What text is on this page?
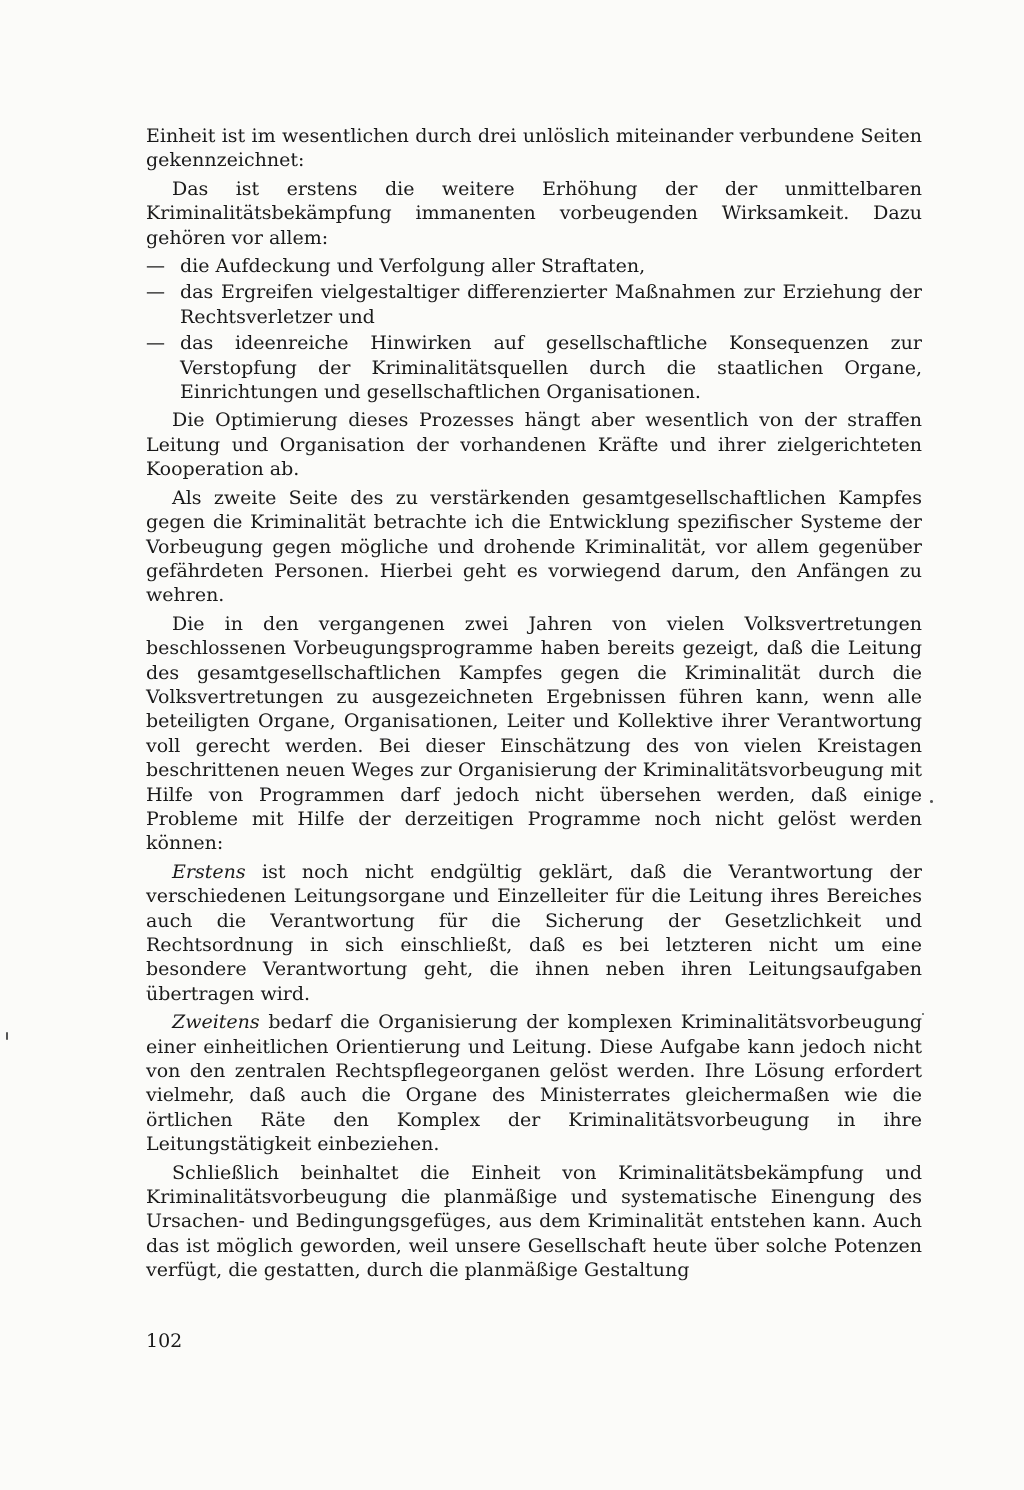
Einheit ist im wesentlichen durch drei unlöslich miteinander verbundene Seiten gekennzeichnet:

Das ist erstens die weitere Erhöhung der der unmittelbaren Kriminalitätsbekämpfung immanenten vorbeugenden Wirksamkeit. Dazu gehören vor allem:

— die Aufdeckung und Verfolgung aller Straftaten,
— das Ergreifen vielgestaltiger differenzierter Maßnahmen zur Erziehung der Rechtsverletzer und
— das ideenreiche Hinwirken auf gesellschaftliche Konsequenzen zur Verstopfung der Kriminalitätsquellen durch die staatlichen Organe, Einrichtungen und gesellschaftlichen Organisationen.

Die Optimierung dieses Prozesses hängt aber wesentlich von der straffen Leitung und Organisation der vorhandenen Kräfte und ihrer zielgerichteten Kooperation ab.

Als zweite Seite des zu verstärkenden gesamtgesellschaftlichen Kampfes gegen die Kriminalität betrachte ich die Entwicklung spezifischer Systeme der Vorbeugung gegen mögliche und drohende Kriminalität, vor allem gegenüber gefährdeten Personen. Hierbei geht es vorwiegend darum, den Anfängen zu wehren.

Die in den vergangenen zwei Jahren von vielen Volksvertretungen beschlossenen Vorbeugungsprogramme haben bereits gezeigt, daß die Leitung des gesamtgesellschaftlichen Kampfes gegen die Kriminalität durch die Volksvertretungen zu ausgezeichneten Ergebnissen führen kann, wenn alle beteiligten Organe, Organisationen, Leiter und Kollektive ihrer Verantwortung voll gerecht werden. Bei dieser Einschätzung des von vielen Kreistagen beschrittenen neuen Weges zur Organisierung der Kriminalitätsvorbeugung mit Hilfe von Programmen darf jedoch nicht übersehen werden, daß einige Probleme mit Hilfe der derzeitigen Programme noch nicht gelöst werden können:

Erstens ist noch nicht endgültig geklärt, daß die Verantwortung der verschiedenen Leitungsorgane und Einzelleiter für die Leitung ihres Bereiches auch die Verantwortung für die Sicherung der Gesetzlichkeit und Rechtsordnung in sich einschließt, daß es bei letzteren nicht um eine besondere Verantwortung geht, die ihnen neben ihren Leitungsaufgaben übertragen wird.

Zweitens bedarf die Organisierung der komplexen Kriminalitätsvorbeugung einer einheitlichen Orientierung und Leitung. Diese Aufgabe kann jedoch nicht von den zentralen Rechtspflegeorganen gelöst werden. Ihre Lösung erfordert vielmehr, daß auch die Organe des Ministerrates gleichermaßen wie die örtlichen Räte den Komplex der Kriminalitätsvorbeugung in ihre Leitungstätigkeit einbeziehen.

Schließlich beinhaltet die Einheit von Kriminalitätsbekämpfung und Kriminalitätsvorbeugung die planmäßige und systematische Einengung des Ursachen- und Bedingungsgefüges, aus dem Kriminalität entstehen kann. Auch das ist möglich geworden, weil unsere Gesellschaft heute über solche Potenzen verfügt, die gestatten, durch die planmäßige Gestaltung

102
